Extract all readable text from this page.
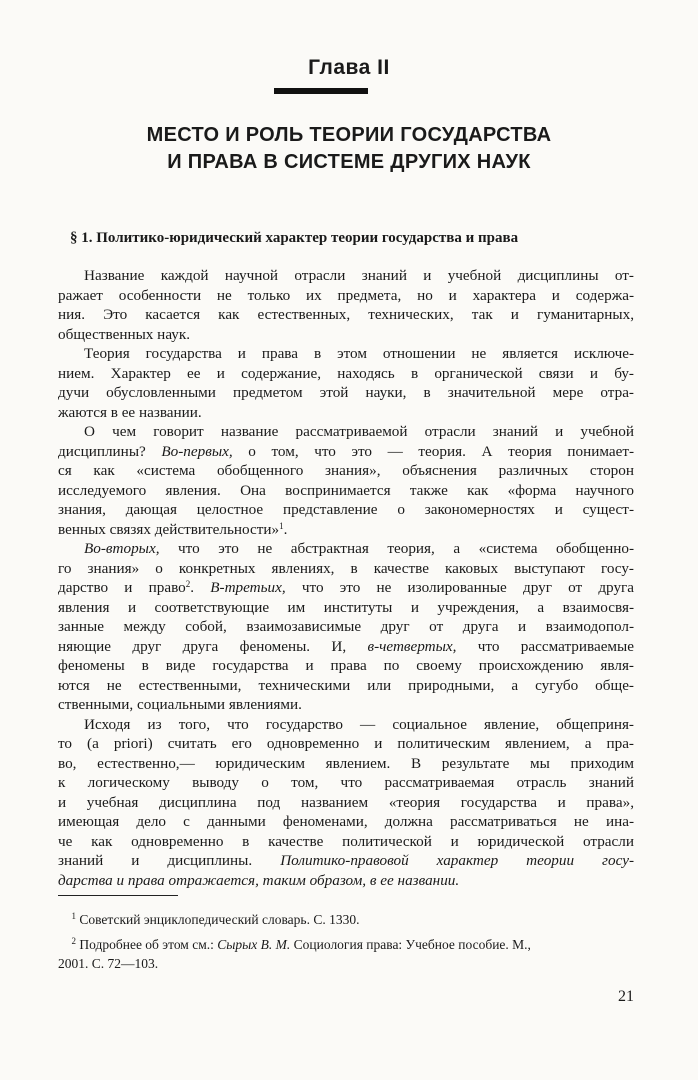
Глава II
МЕСТО И РОЛЬ ТЕОРИИ ГОСУДАРСТВА
И ПРАВА В СИСТЕМЕ ДРУГИХ НАУК
§ 1. Политико-юридический характер теории государства и права

Название каждой научной отрасли знаний и учебной дисциплины от-
ражает особенности не только их предмета, но и характера и содержа-
ния. Это касается как естественных, технических, так и гуманитарных,
общественных наук.

Теория государства и права в этом отношении не является исключе-
нием. Характер ее и содержание, находясь в органической связи и бу-
дучи обусловленными предметом этой науки, в значительной мере отра-
жаются в ее названии.

О чем говорит название рассматриваемой отрасли знаний и учебной
дисциплины? Во-первых, о том, что это — теория. А теория понимает-
ся как «система обобщенного знания», объяснения различных сторон
исследуемого явления. Она воспринимается также как «форма научного
знания, дающая целостное представление о закономерностях и сущест-
венных связях действительности»$^1$.

Во-вторых, что это не абстрактная теория, а «система обобщенно-
го знания» о конкретных явлениях, в качестве каковых выступают госу-
дарство и право$^2$. В-третьих, что это не изолированные друг от друга
явления и соответствующие им институты и учреждения, а взаимосвя-
занные между собой, взаимозависимые друг от друга и взаимодопол-
няющие друг друга феномены. И, в-четвертых, что рассматриваемые
феномены в виде государства и права по своему происхождению явля-
ются не естественными, техническими или природными, а сугубо обще-
ственными, социальными явлениями.

Исходя из того, что государство — социальное явление, общеприня-
то (a priori) считать его одновременно и политическим явлением, а пра-
во, естественно,— юридическим явлением. В результате мы приходим
к логическому выводу о том, что рассматриваемая отрасль знаний
и учебная дисциплина под названием «теория государства и права»,
имеющая дело с данными феноменами, должна рассматриваться не ина-
че как одновременно в качестве политической и юридической отрасли
знаний и дисциплины. Политико-правовой характер теории госу-
дарства и права отражается, таким образом, в ее названии.

 $^1$ Советский энциклопедический словарь. С. 1330.
 $^2$ Подробнее об этом см.: Сырых В. М. Социология права: Учебное пособие. М.,
2001. С. 72—103.
21
